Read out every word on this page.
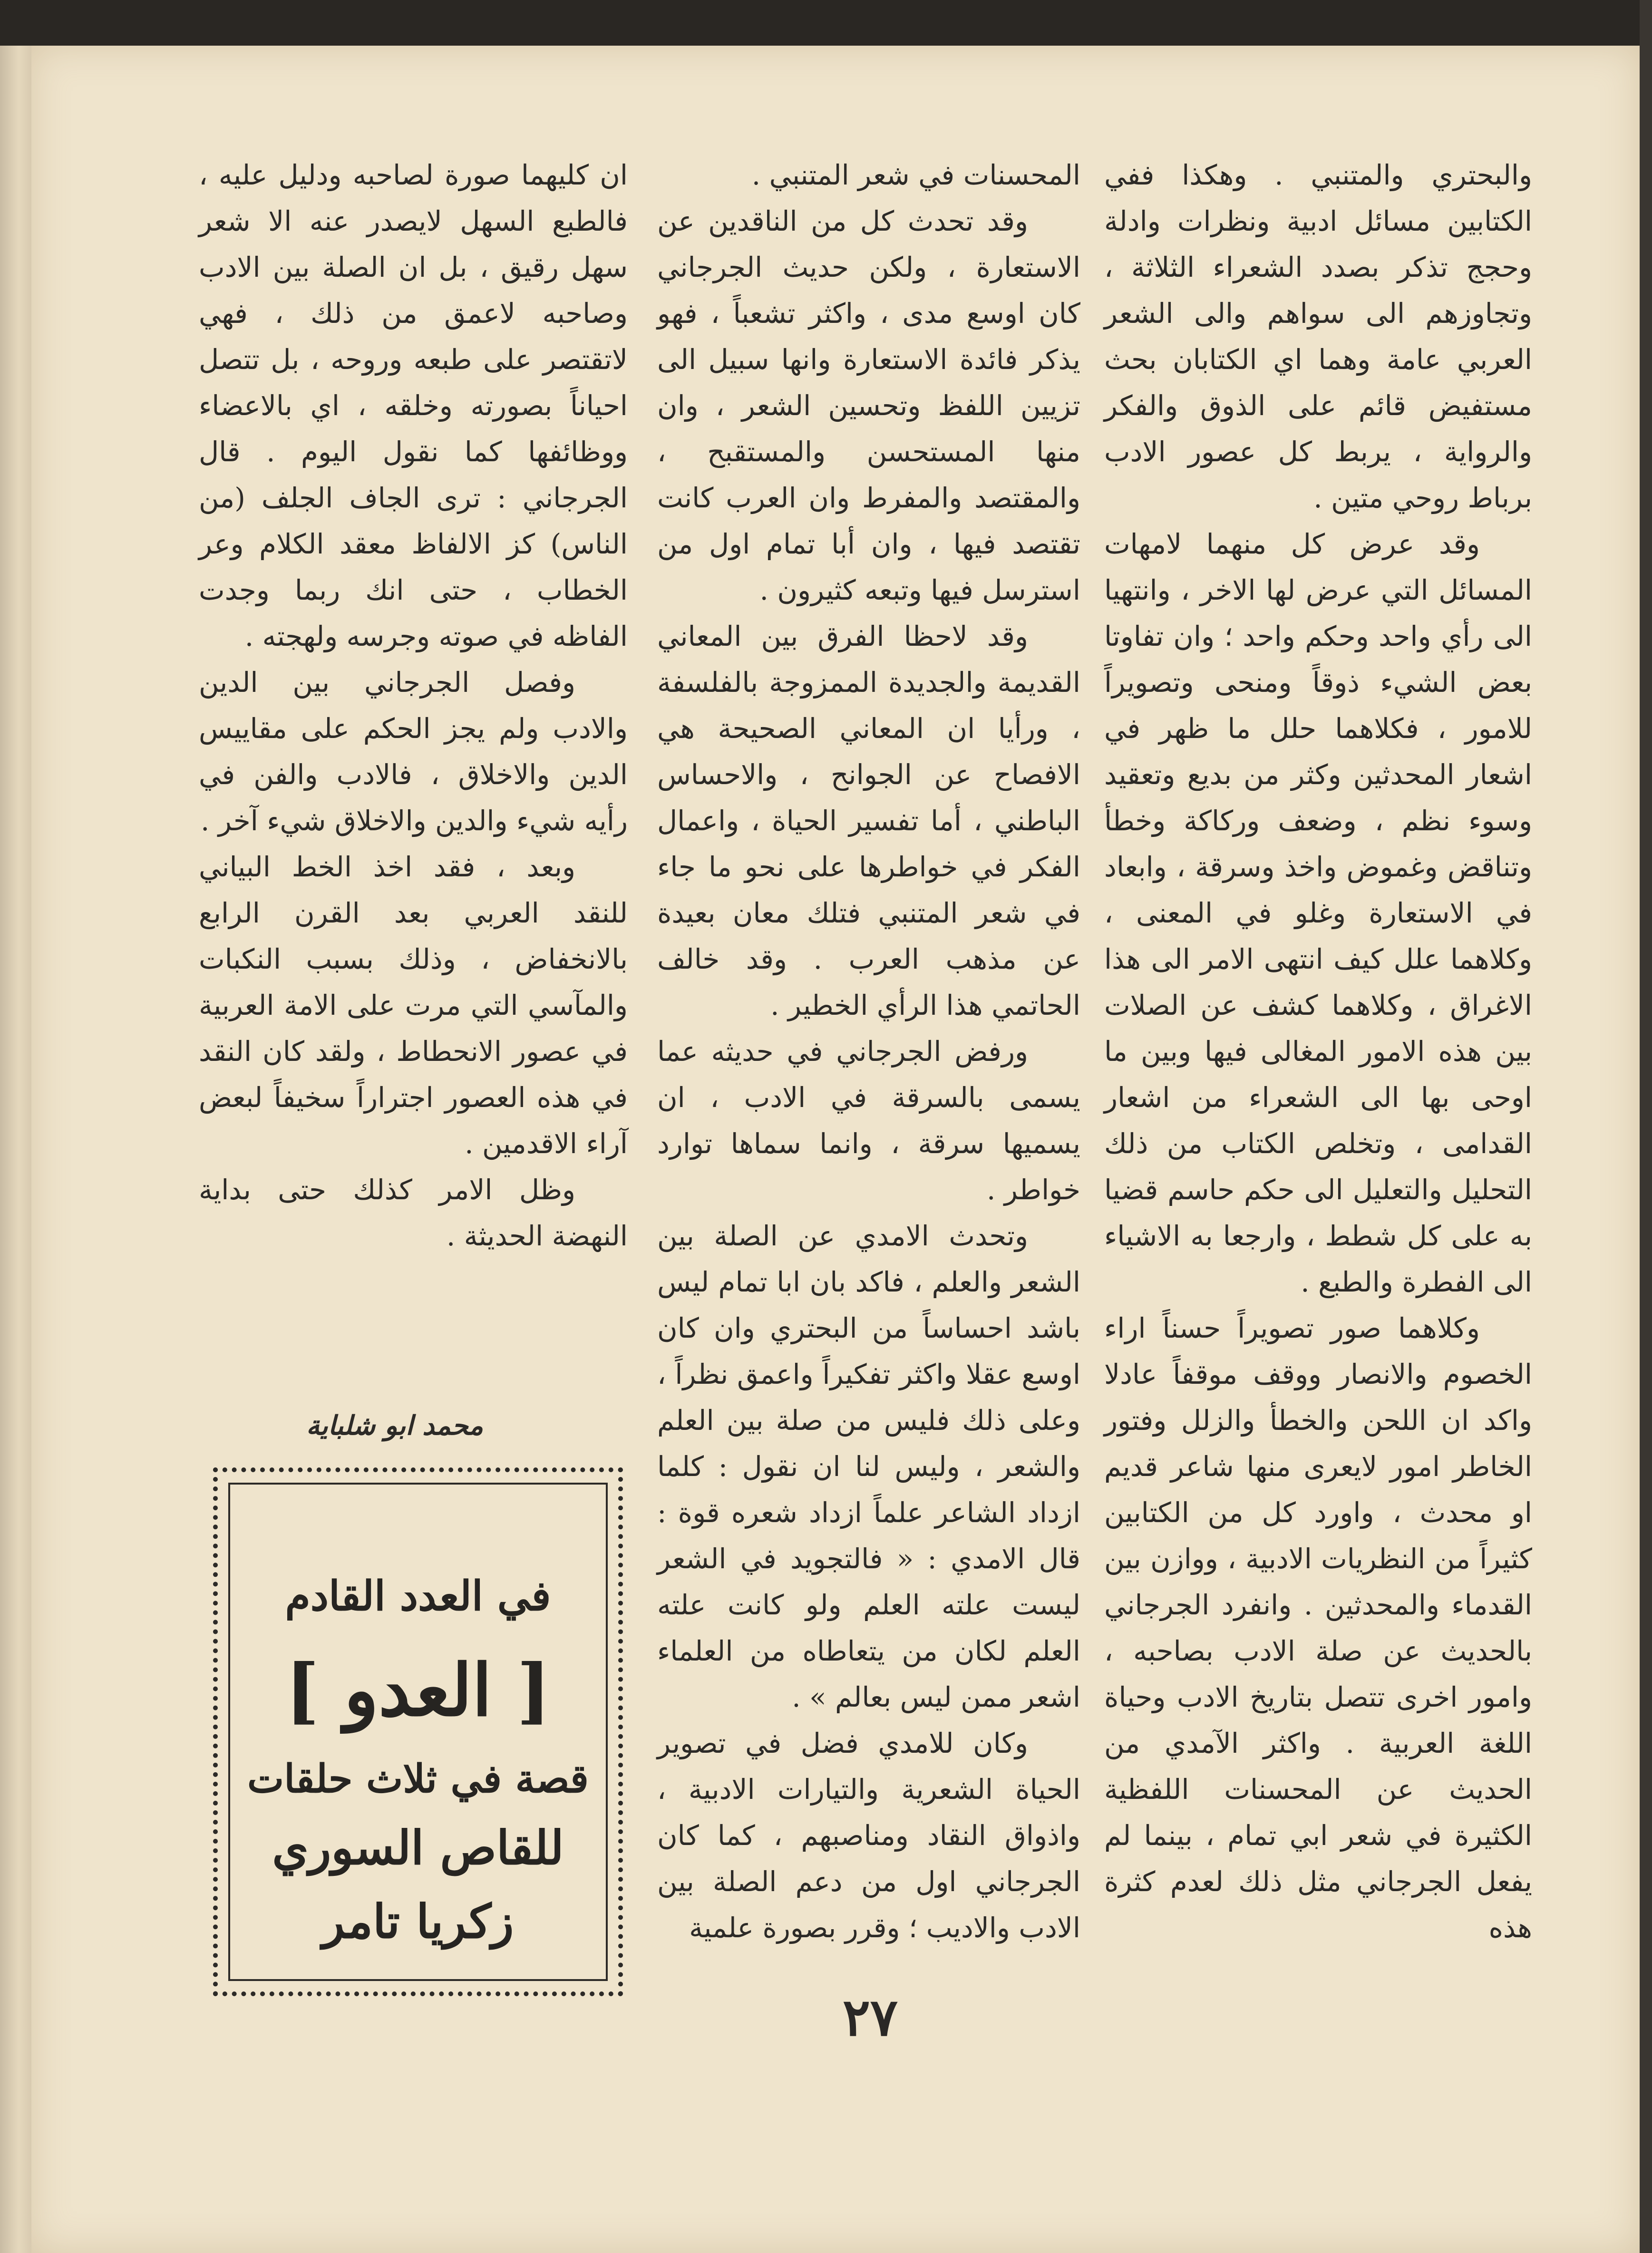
والبحتري والمتنبي . وهكذا ففي الكتابين مسائل ادبية ونظرات وادلة وحجج تذكر بصدد الشعراء الثلاثة ، وتجاوزهم الى سواهم والى الشعر العربي عامة وهما اي الكتابان بحث مستفيض قائم على الذوق والفكر والرواية ، يربط كل عصور الادب برباط روحي متين .

وقد عرض كل منهما لامهات المسائل التي عرض لها الاخر ، وانتهيا الى رأي واحد وحكم واحد ؛ وان تفاوتا بعض الشيء ذوقاً ومنحى وتصويراً للامور ، فكلاهما حلل ما ظهر في اشعار المحدثين وكثر من بديع وتعقيد وسوء نظم ، وضعف وركاكة وخطأ وتناقض وغموض واخذ وسرقة ، وابعاد في الاستعارة وغلو في المعنى ، وكلاهما علل كيف انتهى الامر الى هذا الاغراق ، وكلاهما كشف عن الصلات بين هذه الامور المغالى فيها وبين ما اوحى بها الى الشعراء من اشعار القدامى ، وتخلص الكتاب من ذلك التحليل والتعليل الى حكم حاسم قضيا به على كل شطط ، وارجعا به الاشياء الى الفطرة والطبع .

وكلاهما صور تصويراً حسناً اراء الخصوم والانصار ووقف موقفاً عادلا واكد ان اللحن والخطأ والزلل وفتور الخاطر امور لايعرى منها شاعر قديم او محدث ، واورد كل من الكتابين كثيراً من النظريات الادبية ، ووازن بين القدماء والمحدثين . وانفرد الجرجاني بالحديث عن صلة الادب بصاحبه ، وامور اخرى تتصل بتاريخ الادب وحياة اللغة العربية . واكثر الآمدي من الحديث عن المحسنات اللفظية الكثيرة في شعر ابي تمام ، بينما لم يفعل الجرجاني مثل ذلك لعدم كثرة هذه

المحسنات في شعر المتنبي .

وقد تحدث كل من الناقدين عن الاستعارة ، ولكن حديث الجرجاني كان اوسع مدى ، واكثر تشعباً ، فهو يذكر فائدة الاستعارة وانها سبيل الى تزيين اللفظ وتحسين الشعر ، وان منها المستحسن والمستقبح ، والمقتصد والمفرط وان العرب كانت تقتصد فيها ، وان أبا تمام اول من استرسل فيها وتبعه كثيرون .

وقد لاحظا الفرق بين المعاني القديمة والجديدة الممزوجة بالفلسفة ، ورأيا ان المعاني الصحيحة هي الافصاح عن الجوانح ، والاحساس الباطني ، أما تفسير الحياة ، واعمال الفكر في خواطرها على نحو ما جاء في شعر المتنبي فتلك معان بعيدة عن مذهب العرب . وقد خالف الحاتمي هذا الرأي الخطير .

ورفض الجرجاني في حديثه عما يسمى بالسرقة في الادب ، ان يسميها سرقة ، وانما سماها توارد خواطر .

وتحدث الامدي عن الصلة بين الشعر والعلم ، فاكد بان ابا تمام ليس باشد احساساً من البحتري وان كان اوسع عقلا واكثر تفكيراً واعمق نظراً ، وعلى ذلك فليس من صلة بين العلم والشعر ، وليس لنا ان نقول : كلما ازداد الشاعر علماً ازداد شعره قوة : قال الامدي : « فالتجويد في الشعر ليست علته العلم ولو كانت علته العلم لكان من يتعاطاه من العلماء اشعر ممن ليس بعالم » .

وكان للامدي فضل في تصوير الحياة الشعرية والتيارات الادبية ، واذواق النقاد ومناصبهم ، كما كان الجرجاني اول من دعم الصلة بين الادب والاديب ؛ وقرر بصورة علمية

ان كليهما صورة لصاحبه ودليل عليه ، فالطبع السهل لايصدر عنه الا شعر سهل رقيق ، بل ان الصلة بين الادب وصاحبه لاعمق من ذلك ، فهي لاتقتصر على طبعه وروحه ، بل تتصل احياناً بصورته وخلقه ، اي بالاعضاء ووظائفها كما نقول اليوم . قال الجرجاني : ترى الجاف الجلف (من الناس) كز الالفاظ معقد الكلام وعر الخطاب ، حتى انك ربما وجدت الفاظه في صوته وجرسه ولهجته .

وفصل الجرجاني بين الدين والادب ولم يجز الحكم على مقاييس الدين والاخلاق ، فالادب والفن في رأيه شيء والدين والاخلاق شيء آخر .

وبعد ، فقد اخذ الخط البياني للنقد العربي بعد القرن الرابع بالانخفاض ، وذلك بسبب النكبات والمآسي التي مرت على الامة العربية في عصور الانحطاط ، ولقد كان النقد في هذه العصور اجتراراً سخيفاً لبعض آراء الاقدمين .

وظل الامر كذلك حتى بداية النهضة الحديثة .

محمد ابو شلباية
في العدد القادم
[ العدو ]
قصة في ثلاث حلقات
للقاص السوري
زكريا تامر
٢٧
